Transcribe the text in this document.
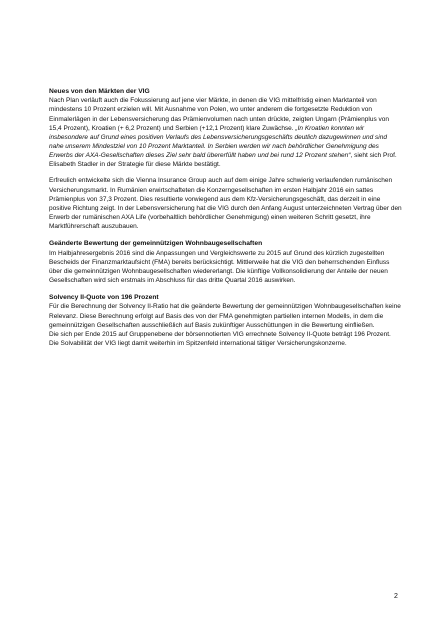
Neues von den Märkten der VIG

Nach Plan verläuft auch die Fokussierung auf jene vier Märkte, in denen die VIG mittelfristig einen Marktanteil von mindestens 10 Prozent erzielen will. Mit Ausnahme von Polen, wo unter anderem die fortgesetzte Reduktion von Einmalerlägen in der Lebensversicherung das Prämienvolumen nach unten drückte, zeigten Ungarn (Prämienplus von 15,4 Prozent), Kroatien (+ 6,2 Prozent) und Serbien (+12,1 Prozent) klare Zuwächse. „In Kroatien konnten wir insbesondere auf Grund eines positiven Verlaufs des Lebensversicherungsgeschäfts deutlich dazugewinnen und sind nahe unserem Mindestziel von 10 Prozent Marktanteil. In Serbien werden wir nach behördlicher Genehmigung des Erwerbs der AXA-Gesellschaften dieses Ziel sehr bald übererfüllt haben und bei rund 12 Prozent stehen“, sieht sich Prof. Elisabeth Stadler in der Strategie für diese Märkte bestätigt.

Erfreulich entwickelte sich die Vienna Insurance Group auch auf dem einige Jahre schwierig verlaufenden rumänischen Versicherungsmarkt. In Rumänien erwirtschafteten die Konzerngesellschaften im ersten Halbjahr 2016 ein sattes Prämienplus von 37,3 Prozent. Dies resultierte vorwiegend aus dem Kfz-Versicherungsgeschäft, das derzeit in eine positive Richtung zeigt. In der Lebensversicherung hat die VIG durch den Anfang August unterzeichneten Vertrag über den Erwerb der rumänischen AXA Life (vorbehaltlich behördlicher Genehmigung) einen weiteren Schritt gesetzt, ihre Marktführerschaft auszubauen.

Geänderte Bewertung der gemeinnützigen Wohnbaugesellschaften

Im Halbjahresergebnis 2016 sind die Anpassungen und Vergleichswerte zu 2015 auf Grund des kürzlich zugestellten Bescheids der Finanzmarktaufsicht (FMA) bereits berücksichtigt. Mittlerweile hat die VIG den beherrschenden Einfluss über die gemeinnützigen Wohnbaugesellschaften wiedererlangt. Die künftige Vollkonsolidierung der Anteile der neuen Gesellschaften wird sich erstmals im Abschluss für das dritte Quartal 2016 auswirken.

Solvency II-Quote von 196 Prozent

Für die Berechnung der Solvency II-Ratio hat die geänderte Bewertung der gemeinnützigen Wohnbaugesellschaften keine Relevanz. Diese Berechnung erfolgt auf Basis des von der FMA genehmigten partiellen internen Modells, in dem die gemeinnützigen Gesellschaften ausschließlich auf Basis zukünftiger Ausschüttungen in die Bewertung einfließen.

Die sich per Ende 2015 auf Gruppenebene der börsennotierten VIG errechnete Solvency II-Quote beträgt 196 Prozent. Die Solvabilität der VIG liegt damit weiterhin im Spitzenfeld international tätiger Versicherungskonzerne.

2
